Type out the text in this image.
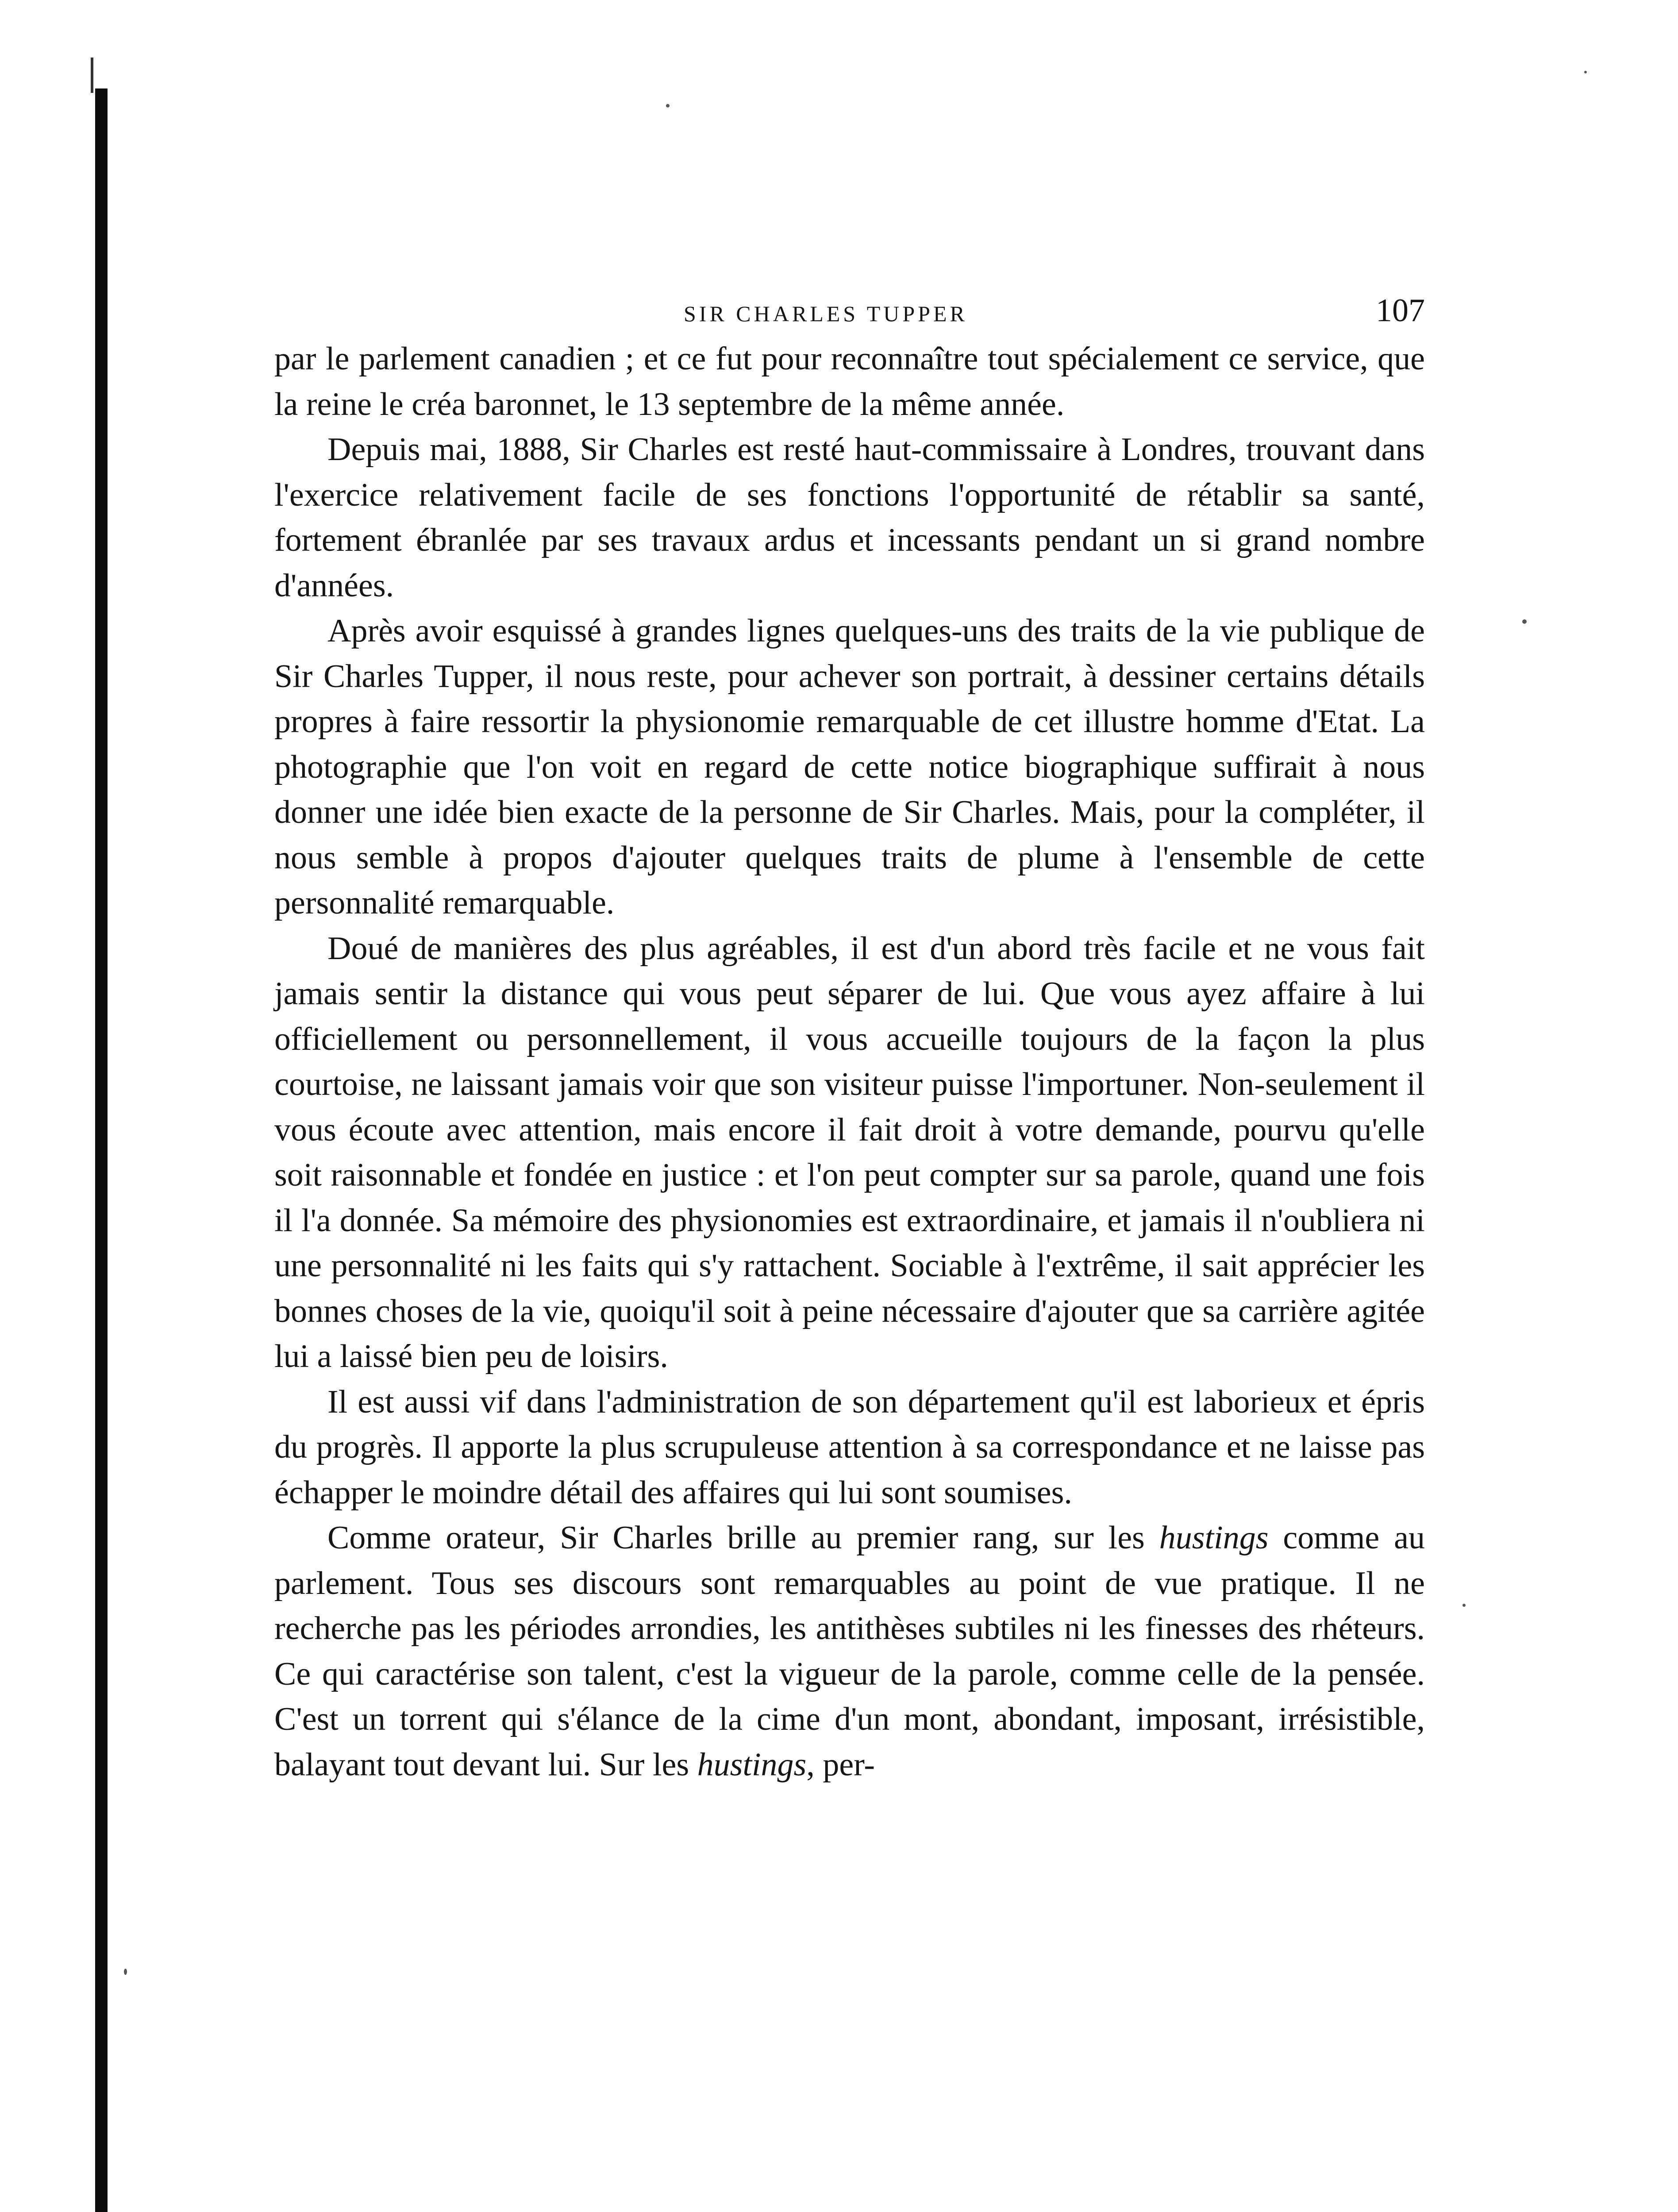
SIR CHARLES TUPPER	107

par le parlement canadien ; et ce fut pour reconnaître tout spécialement ce service, que la reine le créa baronnet, le 13 septembre de la même année.

Depuis mai, 1888, Sir Charles est resté haut-commissaire à Londres, trouvant dans l'exercice relativement facile de ses fonctions l'opportunité de rétablir sa santé, fortement ébranlée par ses travaux ardus et incessants pendant un si grand nombre d'années.

Après avoir esquissé à grandes lignes quelques-uns des traits de la vie publique de Sir Charles Tupper, il nous reste, pour achever son portrait, à dessiner certains détails propres à faire ressortir la physionomie remarquable de cet illustre homme d'Etat. La photographie que l'on voit en regard de cette notice biographique suffirait à nous donner une idée bien exacte de la personne de Sir Charles. Mais, pour la compléter, il nous semble à propos d'ajouter quelques traits de plume à l'ensemble de cette personnalité remarquable.

Doué de manières des plus agréables, il est d'un abord très facile et ne vous fait jamais sentir la distance qui vous peut séparer de lui. Que vous ayez affaire à lui officiellement ou personnellement, il vous accueille toujours de la façon la plus courtoise, ne laissant jamais voir que son visiteur puisse l'importuner. Non-seulement il vous écoute avec attention, mais encore il fait droit à votre demande, pourvu qu'elle soit raisonnable et fondée en justice : et l'on peut compter sur sa parole, quand une fois il l'a donnée. Sa mémoire des physionomies est extraordinaire, et jamais il n'oubliera ni une personnalité ni les faits qui s'y rattachent. Sociable à l'extrême, il sait apprécier les bonnes choses de la vie, quoiqu'il soit à peine nécessaire d'ajouter que sa carrière agitée lui a laissé bien peu de loisirs.

Il est aussi vif dans l'administration de son département qu'il est laborieux et épris du progrès. Il apporte la plus scrupuleuse attention à sa correspondance et ne laisse pas échapper le moindre détail des affaires qui lui sont soumises.

Comme orateur, Sir Charles brille au premier rang, sur les hustings comme au parlement. Tous ses discours sont remarquables au point de vue pratique. Il ne recherche pas les périodes arrondies, les antithèses subtiles ni les finesses des rhéteurs. Ce qui caractérise son talent, c'est la vigueur de la parole, comme celle de la pensée. C'est un torrent qui s'élance de la cime d'un mont, abondant, imposant, irrésistible, balayant tout devant lui. Sur les hustings, per-
